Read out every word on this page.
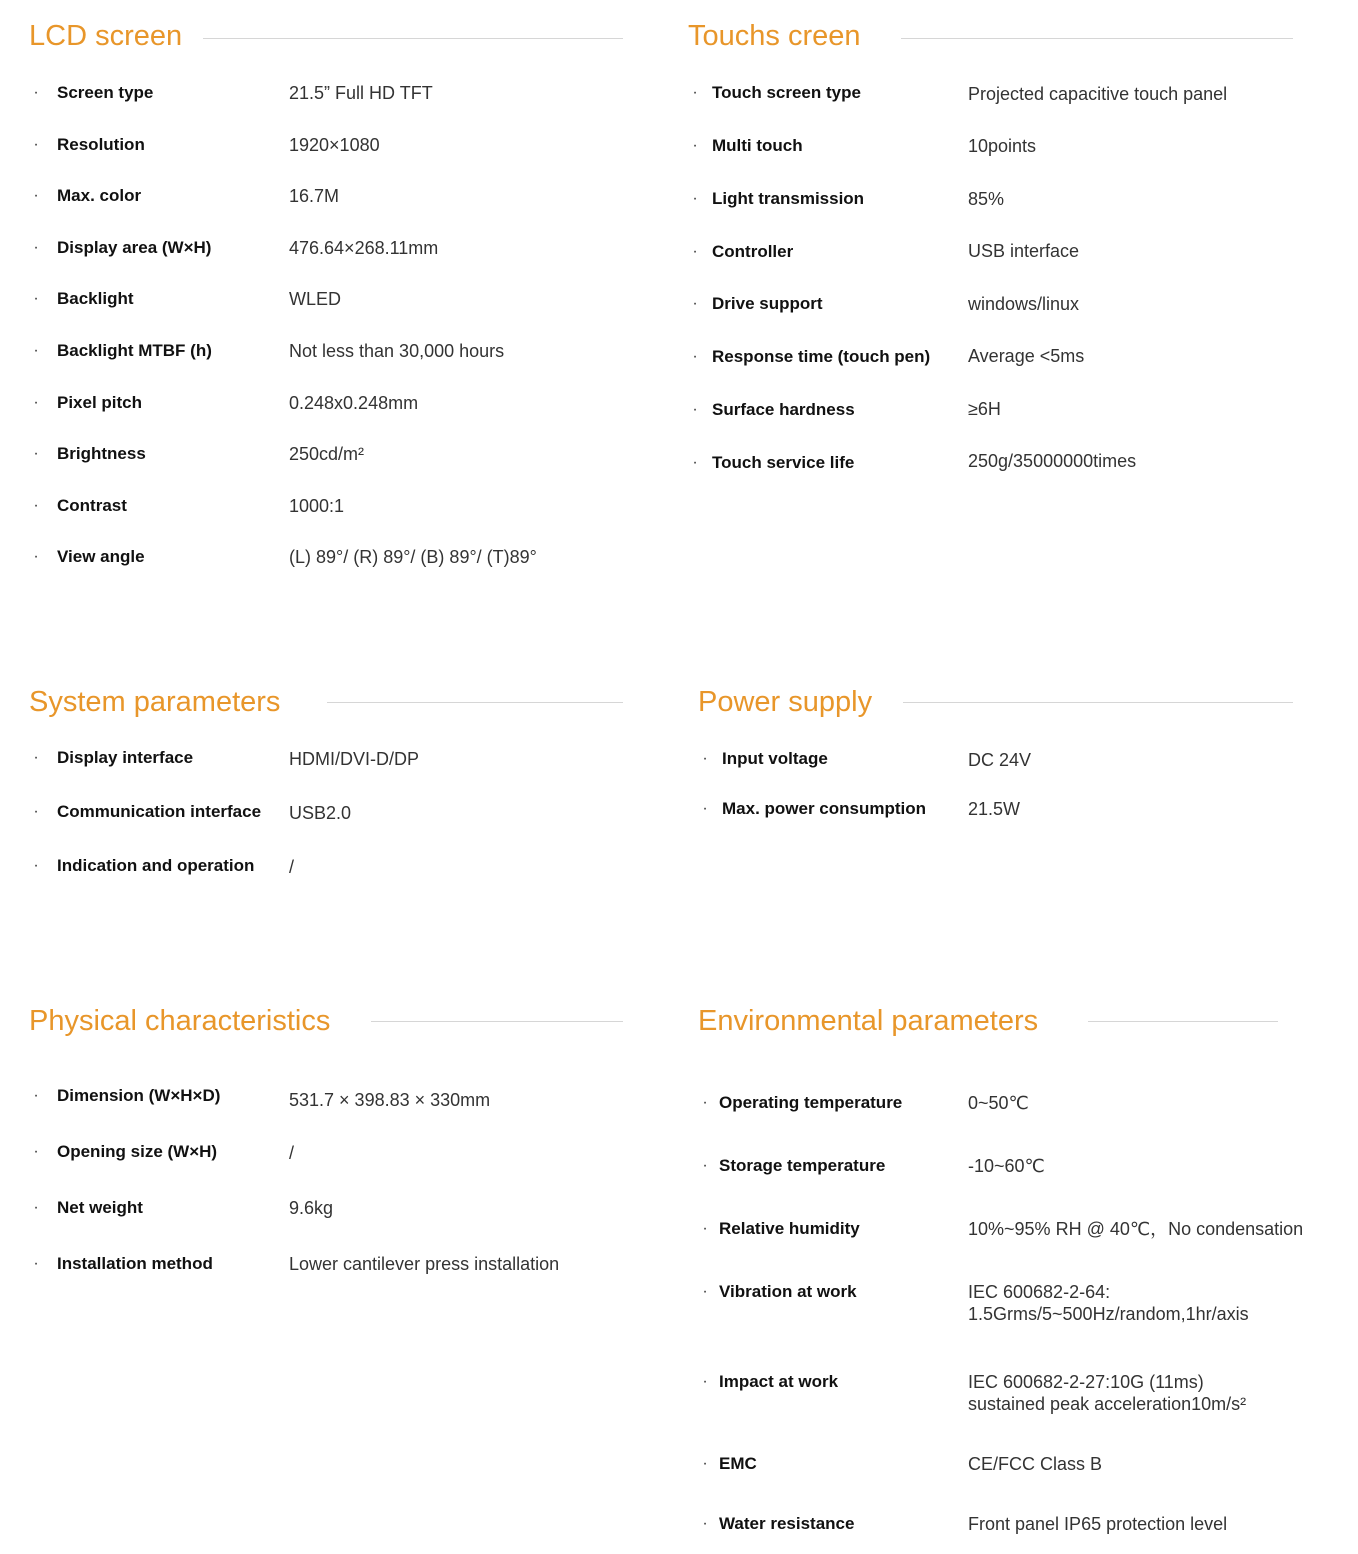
LCD screen
· Screen type	21.5” Full HD TFT
· Resolution	1920×1080
· Max. color	16.7M
· Display area (W×H)	476.64×268.11mm
· Backlight	WLED
· Backlight MTBF (h)	Not less than 30,000 hours
· Pixel pitch	0.248x0.248mm
· Brightness	250cd/m²
· Contrast	1000:1
· View angle	(L) 89°/ (R) 89°/ (B) 89°/ (T)89°
Touchs creen
· Touch screen type	Projected capacitive touch panel
· Multi touch	10points
· Light transmission	85%
· Controller	USB interface
· Drive support	windows/linux
· Response time (touch pen) Average <5ms
· Surface hardness	≥6H
· Touch service life	250g/35000000times
System parameters
· Display interface	HDMI/DVI-D/DP
· Communication interface USB2.0
· Indication and operation /
Power supply
· Input voltage	DC 24V
· Max. power consumption 21.5W
Physical characteristics
· Dimension (W×H×D)	531.7 × 398.83 × 330mm
· Opening size (W×H)	/
· Net weight	9.6kg
· Installation method	Lower cantilever press installation
Environmental parameters
· Operating temperature	0~50℃
· Storage temperature	-10~60℃
· Relative humidity	10%~95% RH @ 40℃，No condensation
· Vibration at work	IEC 600682-2-64:
1.5Grms/5~500Hz/random,1hr/axis
· Impact at work	IEC 600682-2-27:10G (11ms)
sustained peak acceleration10m/s²
· EMC	CE/FCC Class B
· Water resistance	Front panel IP65 protection level
